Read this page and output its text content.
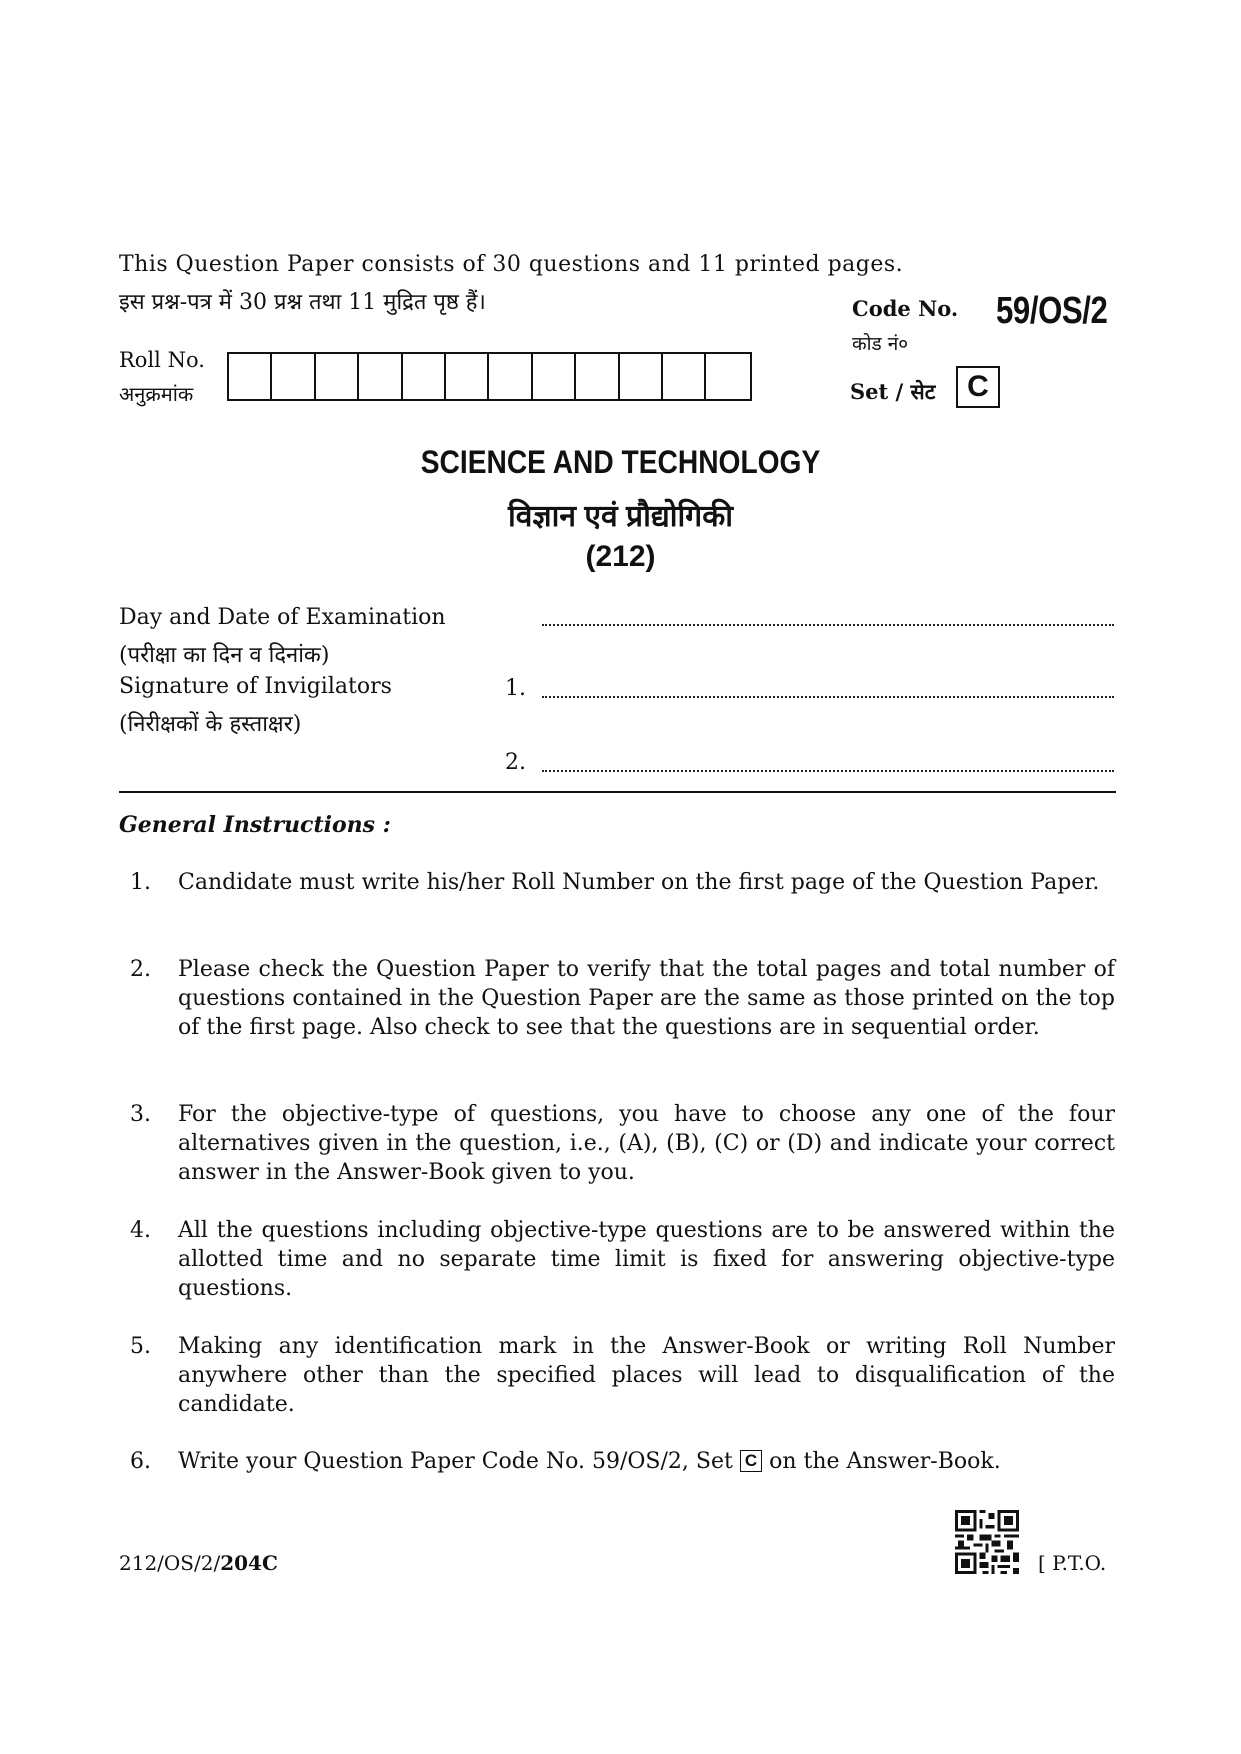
This Question Paper consists of 30 questions and 11 printed pages.
इस प्रश्न-पत्र में 30 प्रश्न तथा 11 मुद्रित पृष्ठ हैं।	Code No.
कोड नं०
59/OS/2
Roll No.
अनुक्रमांक	Set / सेट	C
SCIENCE AND TECHNOLOGY
विज्ञान एवं प्रौद्योगिकी
(212)
Day and Date of Examination
(परीक्षा का दिन व दिनांक)
Signature of Invigilators
(निरीक्षकों के हस्ताक्षर)
1.
2.
General Instructions :
1.	Candidate must write his/her Roll Number on the first page of the Question Paper.
2.	Please check the Question Paper to verify that the total pages and total number of questions contained in the Question Paper are the same as those printed on the top of the first page. Also check to see that the questions are in sequential order.
3.	For the objective-type of questions, you have to choose any one of the four alternatives given in the question, i.e., (A), (B), (C) or (D) and indicate your correct answer in the Answer-Book given to you.
4.	All the questions including objective-type questions are to be answered within the allotted time and no separate time limit is fixed for answering objective-type questions.
5.	Making any identification mark in the Answer-Book or writing Roll Number anywhere other than the specified places will lead to disqualification of the candidate.
6.	Write your Question Paper Code No. 59/OS/2, Set C on the Answer-Book.
212/OS/2/204C	[ P.T.O.
